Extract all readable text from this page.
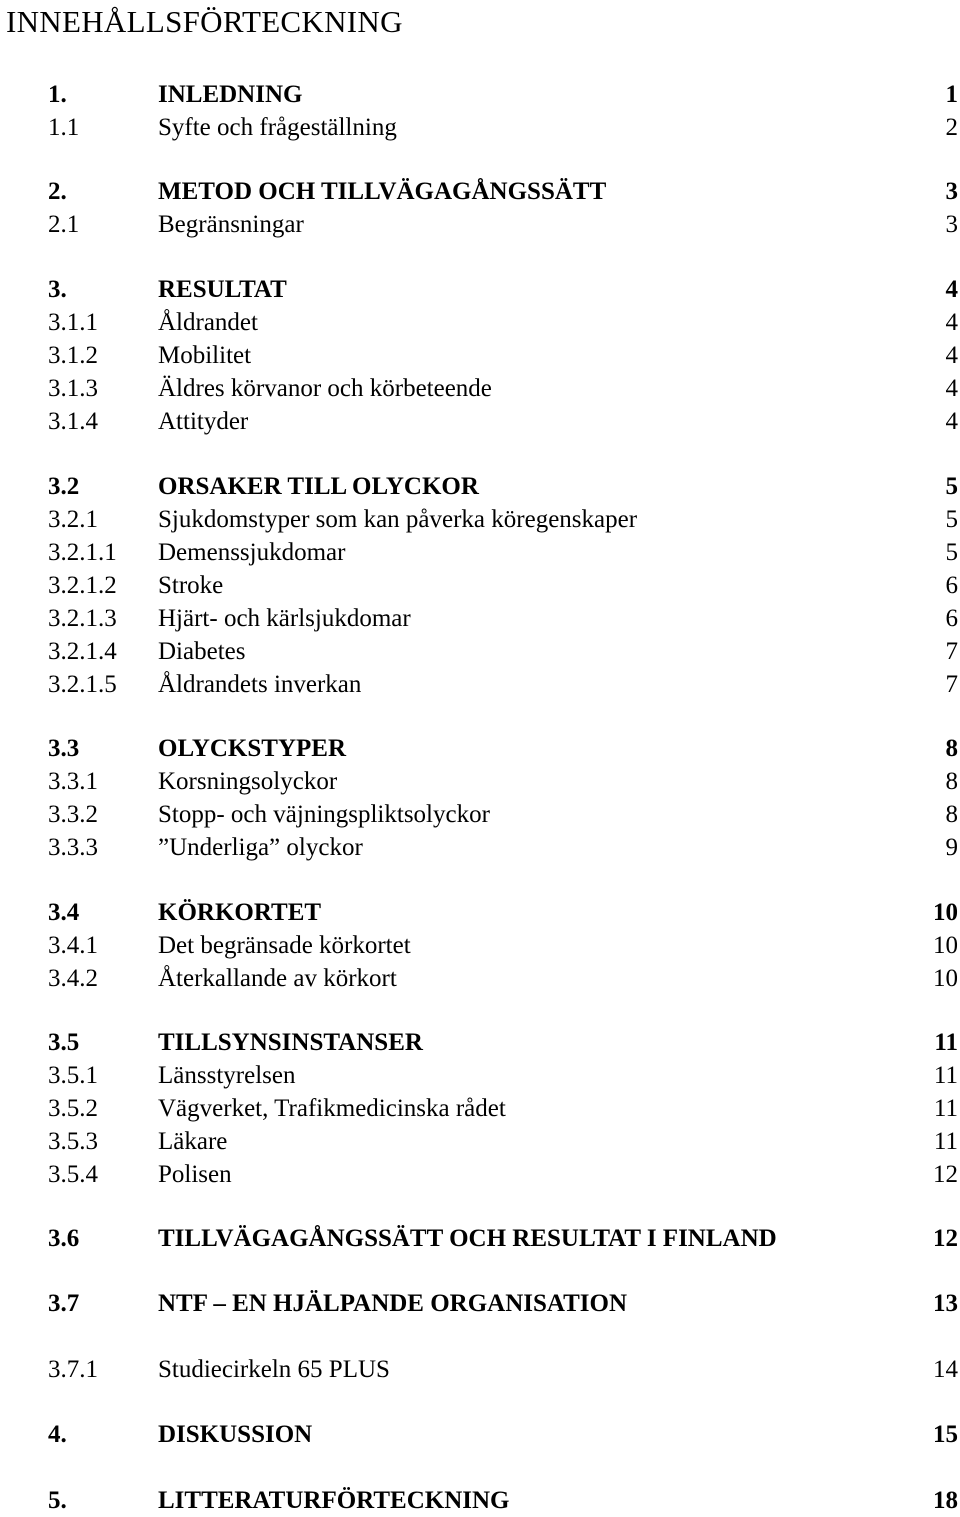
INNEHÅLLSFÖRTECKNING
1.	INLEDNING	1
1.1	Syfte och frågeställning	2
2.	METOD OCH TILLVÄGAGÅNGSSÄTT	3
2.1	Begränsningar	3
3.	RESULTAT	4
3.1.1 Åldrandet	4
3.1.2 Mobilitet	4
3.1.3 Äldres körvanor och körbeteende	4
3.1.4 Attityder	4
3.2	ORSAKER TILL OLYCKOR	5
3.2.1 Sjukdomstyper som kan påverka köregenskaper	5
3.2.1.1 Demenssjukdomar	5
3.2.1.2 Stroke	6
3.2.1.3 Hjärt- och kärlsjukdomar	6
3.2.1.4 Diabetes	7
3.2.1.5 Åldrandets inverkan	7
3.3	OLYCKSTYPER	8
3.3.1 Korsningsolyckor	8
3.3.2 Stopp- och väjningspliktsolyckor	8
3.3.3 ”Underliga” olyckor	9
3.4	KÖRKORTET	10
3.4.1 Det begränsade körkortet	10
3.4.2 Återkallande av körkort	10
3.5	TILLSYNSINSTANSER	11
3.5.1 Länsstyrelsen	11
3.5.2 Vägverket, Trafikmedicinska rådet	11
3.5.3 Läkare	11
3.5.4 Polisen	12
3.6	TILLVÄGAGÅNGSSÄTT OCH RESULTAT I FINLAND	12
3.7	NTF – EN HJÄLPANDE ORGANISATION	13
3.7.1 Studiecirkeln 65 PLUS	14
4.	DISKUSSION	15
5.	LITTERATURFÖRTECKNING	18
